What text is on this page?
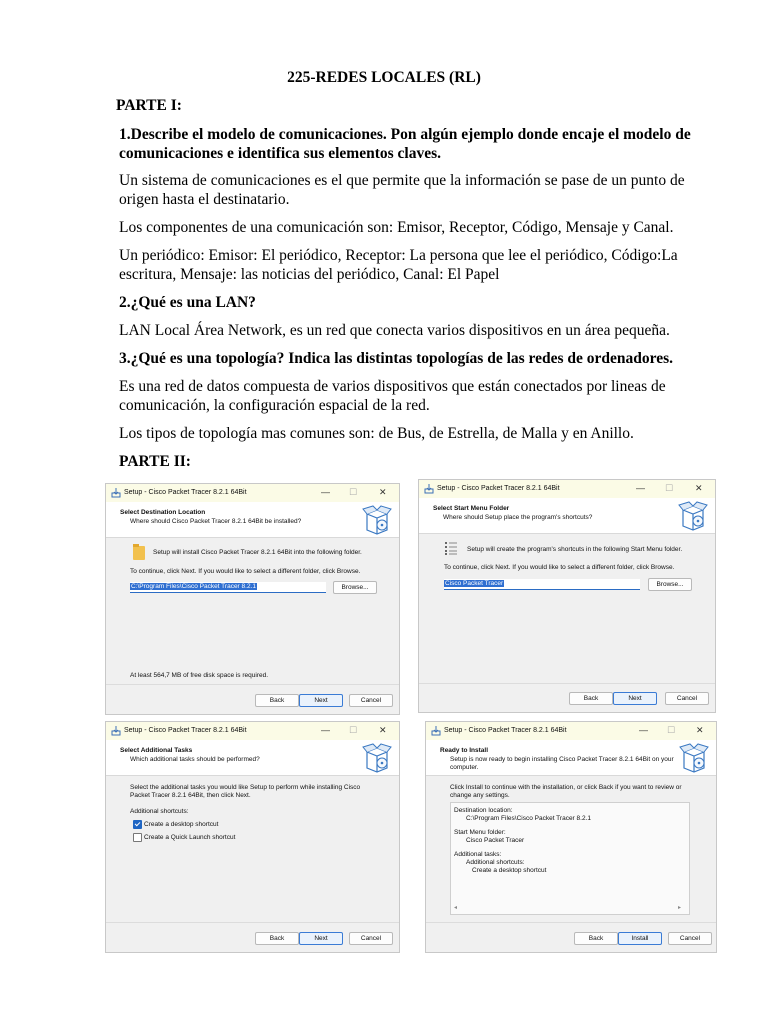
225-REDES LOCALES (RL)
PARTE I:
1.Describe el modelo de comunicaciones. Pon algún ejemplo donde encaje el modelo de comunicaciones e identifica sus elementos claves.
Un sistema de comunicaciones es el que permite que la información se pase de un punto de origen hasta el destinatario.
Los componentes de una comunicación son: Emisor, Receptor, Código, Mensaje y Canal.
Un periódico: Emisor: El periódico, Receptor: La persona que lee el periódico, Código:La escritura, Mensaje: las noticias del periódico, Canal: El Papel
2.¿Qué es una LAN?
LAN Local Área Network, es un red que conecta varios dispositivos en un área pequeña.
3.¿Qué es una topología? Indica las distintas topologías de las redes de ordenadores.
Es una red de datos compuesta de varios dispositivos que están conectados por lineas de comunicación, la configuración espacial de la red.
Los tipos de topología mas comunes son: de Bus, de Estrella, de Malla y en Anillo.
PARTE II:
Setup - Cisco Packet Tracer 8.2.1 64Bit	— ☐ ✕
Select Destination Location
Where should Cisco Packet Tracer 8.2.1 64Bit be installed?
Setup will install Cisco Packet Tracer 8.2.1 64Bit into the following folder.
To continue, click Next. If you would like to select a different folder, click Browse.
C:\Program Files\Cisco Packet Tracer 8.2.1	Browse...
At least 564,7 MB of free disk space is required.
Back	Next	Cancel
Setup - Cisco Packet Tracer 8.2.1 64Bit	— ☐ ✕
Select Start Menu Folder
Where should Setup place the program's shortcuts?
Setup will create the program's shortcuts in the following Start Menu folder.
To continue, click Next. If you would like to select a different folder, click Browse.
Cisco Packet Tracer	Browse...
Back	Next	Cancel
Setup - Cisco Packet Tracer 8.2.1 64Bit	— ☐ ✕
Select Additional Tasks
Which additional tasks should be performed?
Select the additional tasks you would like Setup to perform while installing Cisco Packet Tracer 8.2.1 64Bit, then click Next.
Additional shortcuts:
Create a desktop shortcut
Create a Quick Launch shortcut
Back	Next	Cancel
Setup - Cisco Packet Tracer 8.2.1 64Bit	— ☐ ✕
Ready to Install
Setup is now ready to begin installing Cisco Packet Tracer 8.2.1 64Bit on your computer.
Click Install to continue with the installation, or click Back if you want to review or change any settings.
Destination location:
C:\Program Files\Cisco Packet Tracer 8.2.1
Start Menu folder:
Cisco Packet Tracer
Additional tasks:
Additional shortcuts:
Create a desktop shortcut
◂	▸
Back	Install	Cancel
